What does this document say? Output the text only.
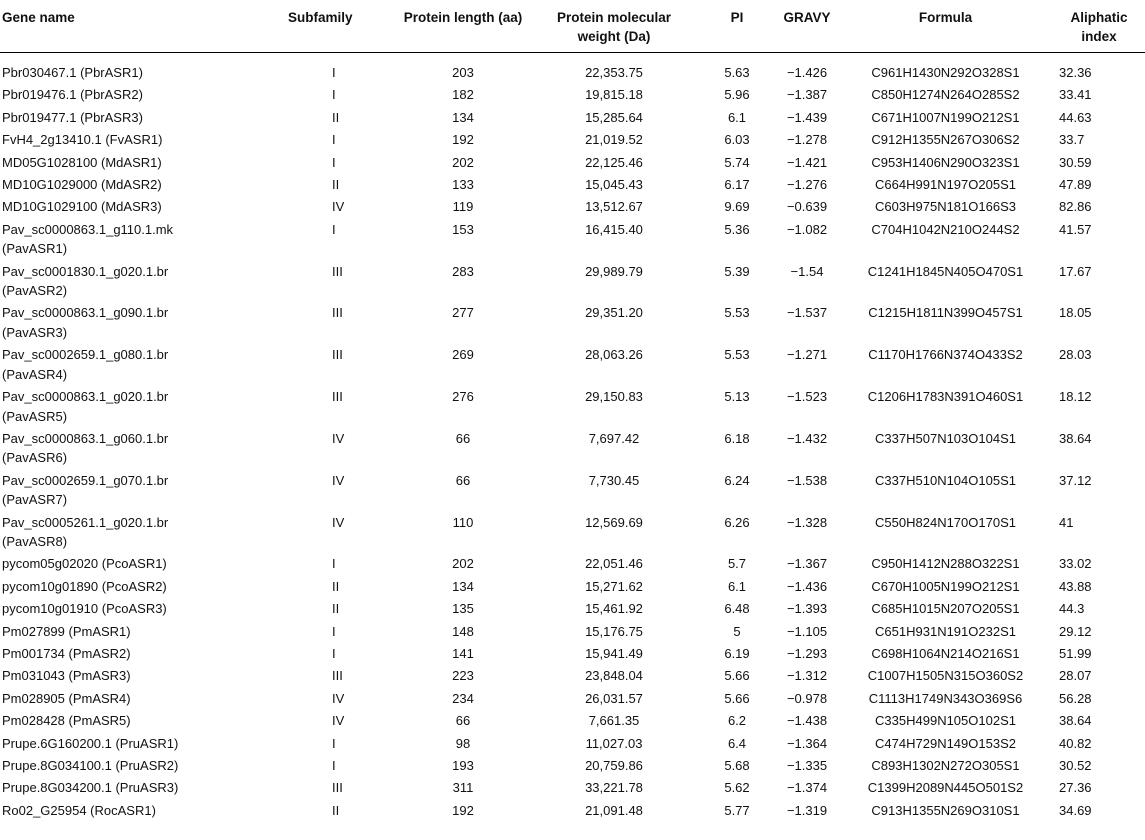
Gene name	Subfamily	Protein length (aa)	Protein molecular weight (Da)	PI	GRAVY	Formula	Aliphatic index

Pbr030467.1 (PbrASR1)	I	203	22,353.75	5.63	−1.426	C961H1430N292O328S1	32.36

Pbr019476.1 (PbrASR2)	I	182	19,815.18	5.96	−1.387	C850H1274N264O285S2	33.41

Pbr019477.1 (PbrASR3)	II	134	15,285.64	6.1	−1.439	C671H1007N199O212S1	44.63

FvH4_2g13410.1 (FvASR1)	I	192	21,019.52	6.03	−1.278	C912H1355N267O306S2	33.7

MD05G1028100 (MdASR1)	I	202	22,125.46	5.74	−1.421	C953H1406N290O323S1	30.59

MD10G1029000 (MdASR2)	II	133	15,045.43	6.17	−1.276	C664H991N197O205S1	47.89

MD10G1029100 (MdASR3)	IV	119	13,512.67	9.69	−0.639	C603H975N181O166S3	82.86

Pav_sc0000863.1_g110.1.mk
(PavASR1)	I	153	16,415.40	5.36	−1.082	C704H1042N210O244S2	41.57

Pav_sc0001830.1_g020.1.br
(PavASR2)	III	283	29,989.79	5.39	−1.54	C1241H1845N405O470S1	17.67

Pav_sc0000863.1_g090.1.br
(PavASR3)	III	277	29,351.20	5.53	−1.537	C1215H1811N399O457S1	18.05

Pav_sc0002659.1_g080.1.br
(PavASR4)	III	269	28,063.26	5.53	−1.271	C1170H1766N374O433S2	28.03

Pav_sc0000863.1_g020.1.br
(PavASR5)	III	276	29,150.83	5.13	−1.523	C1206H1783N391O460S1	18.12

Pav_sc0000863.1_g060.1.br
(PavASR6)	IV	66	7,697.42	6.18	−1.432	C337H507N103O104S1	38.64

Pav_sc0002659.1_g070.1.br
(PavASR7)	IV	66	7,730.45	6.24	−1.538	C337H510N104O105S1	37.12

Pav_sc0005261.1_g020.1.br
(PavASR8)	IV	110	12,569.69	6.26	−1.328	C550H824N170O170S1	41

pycom05g02020 (PcoASR1)	I	202	22,051.46	5.7	−1.367	C950H1412N288O322S1	33.02

pycom10g01890 (PcoASR2)	II	134	15,271.62	6.1	−1.436	C670H1005N199O212S1	43.88

pycom10g01910 (PcoASR3)	II	135	15,461.92	6.48	−1.393	C685H1015N207O205S1	44.3

Pm027899 (PmASR1)	I	148	15,176.75	5	−1.105	C651H931N191O232S1	29.12

Pm001734 (PmASR2)	I	141	15,941.49	6.19	−1.293	C698H1064N214O216S1	51.99

Pm031043 (PmASR3)	III	223	23,848.04	5.66	−1.312	C1007H1505N315O360S2	28.07

Pm028905 (PmASR4)	IV	234	26,031.57	5.66	−0.978	C1113H1749N343O369S6	56.28

Pm028428 (PmASR5)	IV	66	7,661.35	6.2	−1.438	C335H499N105O102S1	38.64

Prupe.6G160200.1 (PruASR1)	I	98	11,027.03	6.4	−1.364	C474H729N149O153S2	40.82

Prupe.8G034100.1 (PruASR2)	I	193	20,759.86	5.68	−1.335	C893H1302N272O305S1	30.52

Prupe.8G034200.1 (PruASR3)	III	311	33,221.78	5.62	−1.374	C1399H2089N445O501S2	27.36

Ro02_G25954 (RocASR1)	II	192	21,091.48	5.77	−1.319	C913H1355N269O310S1	34.69
